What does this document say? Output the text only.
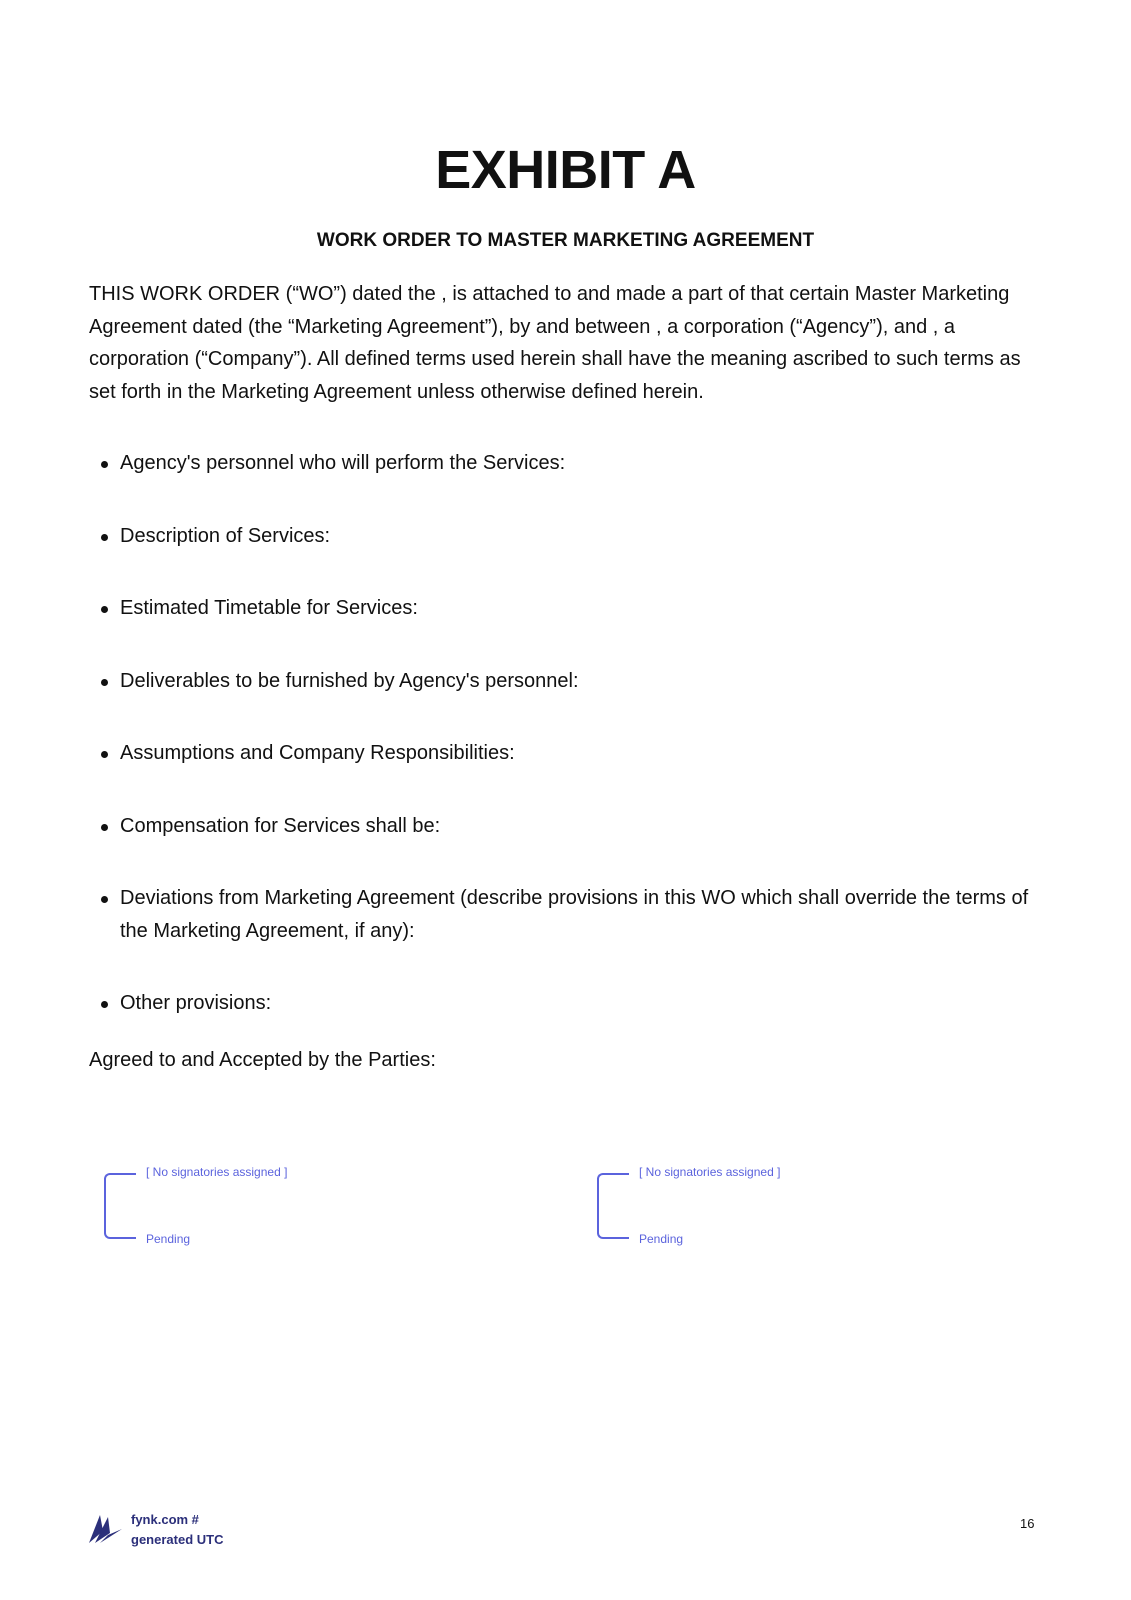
EXHIBIT A
WORK ORDER TO MASTER MARKETING AGREEMENT

THIS WORK ORDER (“WO”) dated the , is attached to and made a part of that certain Master Marketing Agreement dated (the “Marketing Agreement”), by and between , a corporation (“Agency”), and , a corporation (“Company”). All defined terms used herein shall have the meaning ascribed to such terms as set forth in the Marketing Agreement unless otherwise defined herein.

Agency's personnel who will perform the Services:
Description of Services:
Estimated Timetable for Services:
Deliverables to be furnished by Agency's personnel:
Assumptions and Company Responsibilities:
Compensation for Services shall be:
Deviations from Marketing Agreement (describe provisions in this WO which shall override the terms of the Marketing Agreement, if any):
Other provisions:

Agreed to and Accepted by the Parties:

[ No signatories assigned ]
Pending
[ No signatories assigned ]
Pending
fynk.com #
generated UTC
16
